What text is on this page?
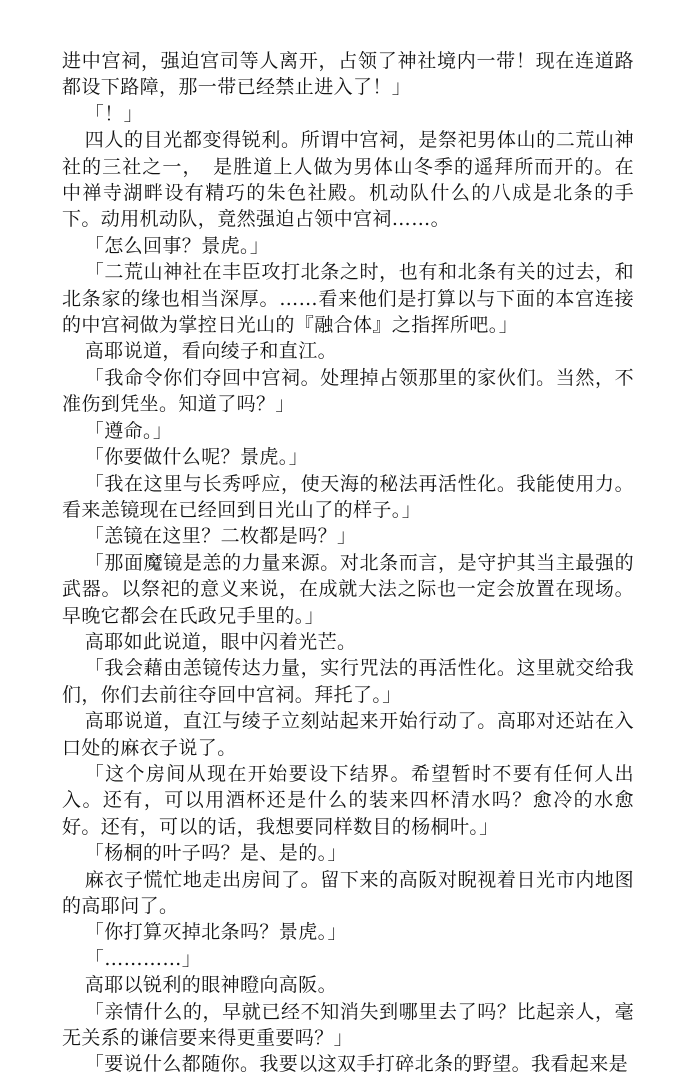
进中宫祠，强迫宫司等人离开，占领了神社境内一带！现在连道路都设下路障，那一带已经禁止进入了！」

「！」

四人的目光都变得锐利。所谓中宫祠，是祭祀男体山的二荒山神社的三社之一，　是胜道上人做为男体山冬季的遥拜所而开的。在中禅寺湖畔设有精巧的朱色社殿。机动队什么的八成是北条的手下。动用机动队，竟然强迫占领中宫祠……。

「怎么回事？景虎。」

「二荒山神社在丰臣攻打北条之时，也有和北条有关的过去，和北条家的缘也相当深厚。……看来他们是打算以与下面的本宫连接的中宫祠做为掌控日光山的『融合体』之指挥所吧。」

高耶说道，看向绫子和直江。

「我命令你们夺回中宫祠。处理掉占领那里的家伙们。当然，不准伤到凭坐。知道了吗？」

「遵命。」

「你要做什么呢？景虎。」

「我在这里与长秀呼应，使天海的秘法再活性化。我能使用力。看来恙镜现在已经回到日光山了的样子。」

「恙镜在这里？二枚都是吗？」

「那面魔镜是恙的力量来源。对北条而言，是守护其当主最强的武器。以祭祀的意义来说，在成就大法之际也一定会放置在现场。早晚它都会在氏政兄手里的。」

高耶如此说道，眼中闪着光芒。

「我会藉由恙镜传达力量，实行咒法的再活性化。这里就交给我们，你们去前往夺回中宫祠。拜托了。」

高耶说道，直江与绫子立刻站起来开始行动了。高耶对还站在入口处的麻衣子说了。

「这个房间从现在开始要设下结界。希望暂时不要有任何人出入。还有，可以用酒杯还是什么的装来四杯清水吗？愈冷的水愈好。还有，可以的话，我想要同样数目的杨桐叶。」

「杨桐的叶子吗？是、是的。」

麻衣子慌忙地走出房间了。留下来的高阪对睨视着日光市内地图的高耶问了。

「你打算灭掉北条吗？景虎。」

「…………」

高耶以锐利的眼神瞪向高阪。

「亲情什么的，早就已经不知消失到哪里去了吗？比起亲人，毫无关系的谦信要来得更重要吗？」

「要说什么都随你。我要以这双手打碎北条的野望。我看起来是
